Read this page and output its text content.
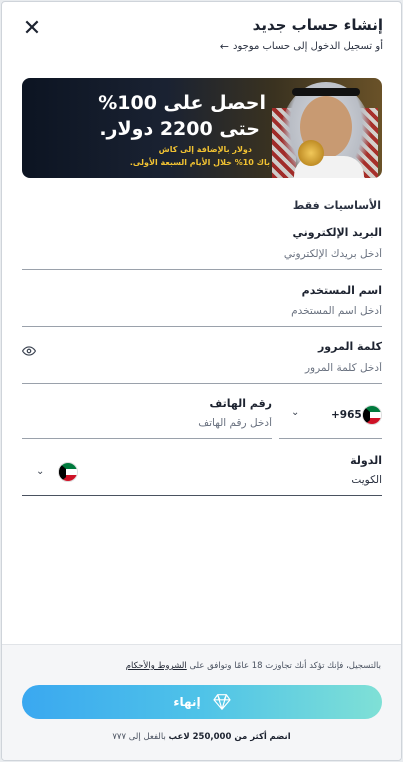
✕	إنشاء حساب جديد
أو تسجيل الدخول إلى حساب موجود
←
احصل على 100%
حتى 2200 دولار.
دولار بالإضافة إلى كاش
باك 10% خلال الأيام السبعة الأولى.
الأساسيات فقط
البريد الإلكتروني
أدخل بريدك الإلكتروني
اسم المستخدم
أدخل اسم المستخدم
كلمة المرور
⌄	+965
رقم الهاتف
أدخل رقم الهاتف
الدولة
الكويت
⌄
بالتسجيل، فإنك تؤكد أنك تجاوزت 18 عامًا وتوافق على الشروط والأحكام
إنهاء
انضم أكثر من 250,000 لاعب بالفعل إلى ٧٧٧
